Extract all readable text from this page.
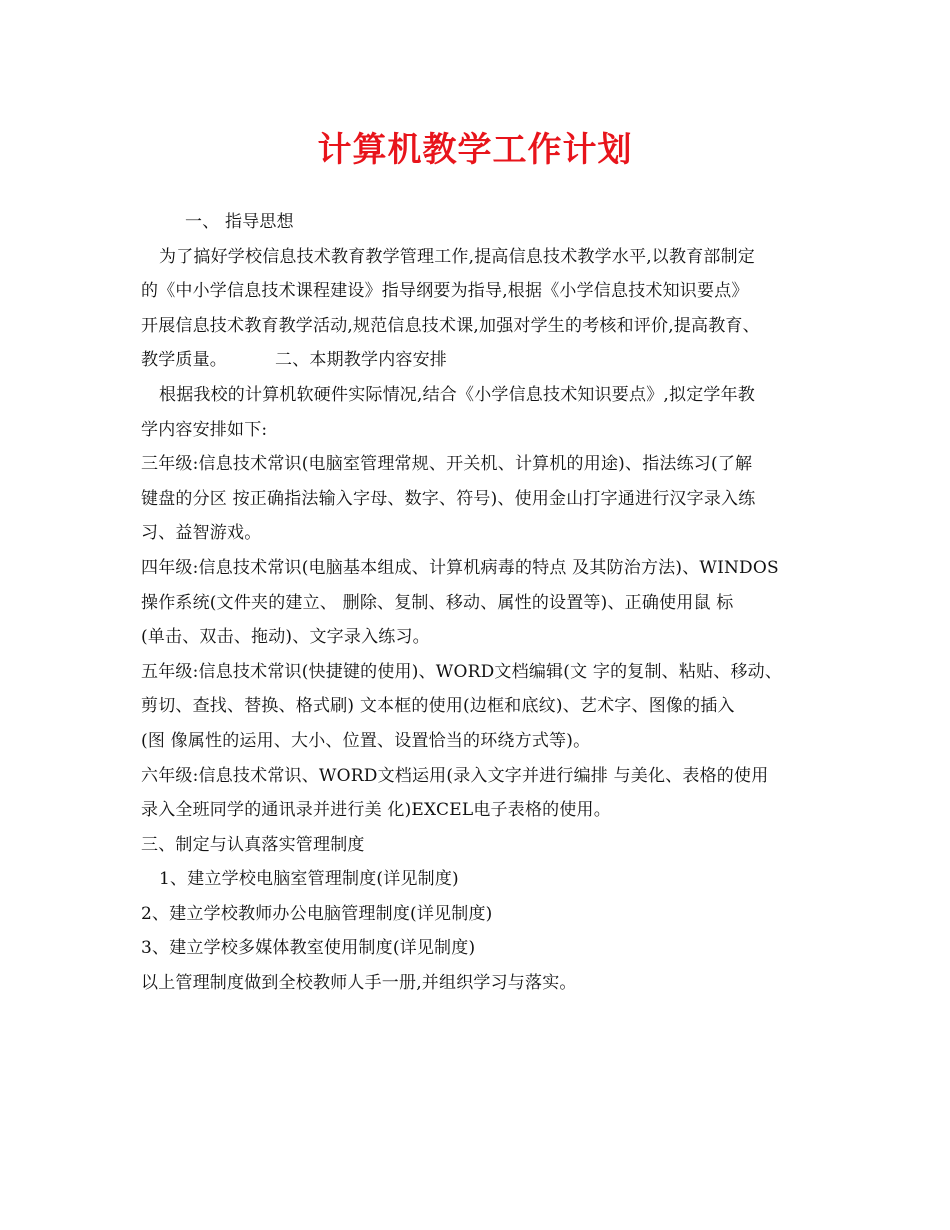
计算机教学工作计划
一、 指导思想
为了搞好学校信息技术教育教学管理工作,提高信息技术教学水平,以教育部制定
的《中小学信息技术课程建设》指导纲要为指导,根据《小学信息技术知识要点》
开展信息技术教育教学活动,规范信息技术课,加强对学生的考核和评价,提高教育、
教学质量。	二、本期教学内容安排
根据我校的计算机软硬件实际情况,结合《小学信息技术知识要点》,拟定学年教
学内容安排如下:
三年级:信息技术常识(电脑室管理常规、开关机、计算机的用途)、指法练习(了解
键盘的分区 按正确指法输入字母、数字、符号)、使用金山打字通进行汉字录入练
习、益智游戏。
四年级:信息技术常识(电脑基本组成、计算机病毒的特点 及其防治方法)、WINDOS
操作系统(文件夹的建立、 删除、复制、移动、属性的设置等)、正确使用鼠 标
(单击、双击、拖动)、文字录入练习。
五年级:信息技术常识(快捷键的使用)、WORD文档编辑(文 字的复制、粘贴、移动、
剪切、查找、替换、格式刷) 文本框的使用(边框和底纹)、艺术字、图像的插入
(图 像属性的运用、大小、位置、设置恰当的环绕方式等)。
六年级:信息技术常识、WORD文档运用(录入文字并进行编排 与美化、表格的使用
录入全班同学的通讯录并进行美 化)EXCEL电子表格的使用。
三、制定与认真落实管理制度
1、建立学校电脑室管理制度(详见制度)
2、建立学校教师办公电脑管理制度(详见制度)
3、建立学校多媒体教室使用制度(详见制度)
以上管理制度做到全校教师人手一册,并组织学习与落实。
